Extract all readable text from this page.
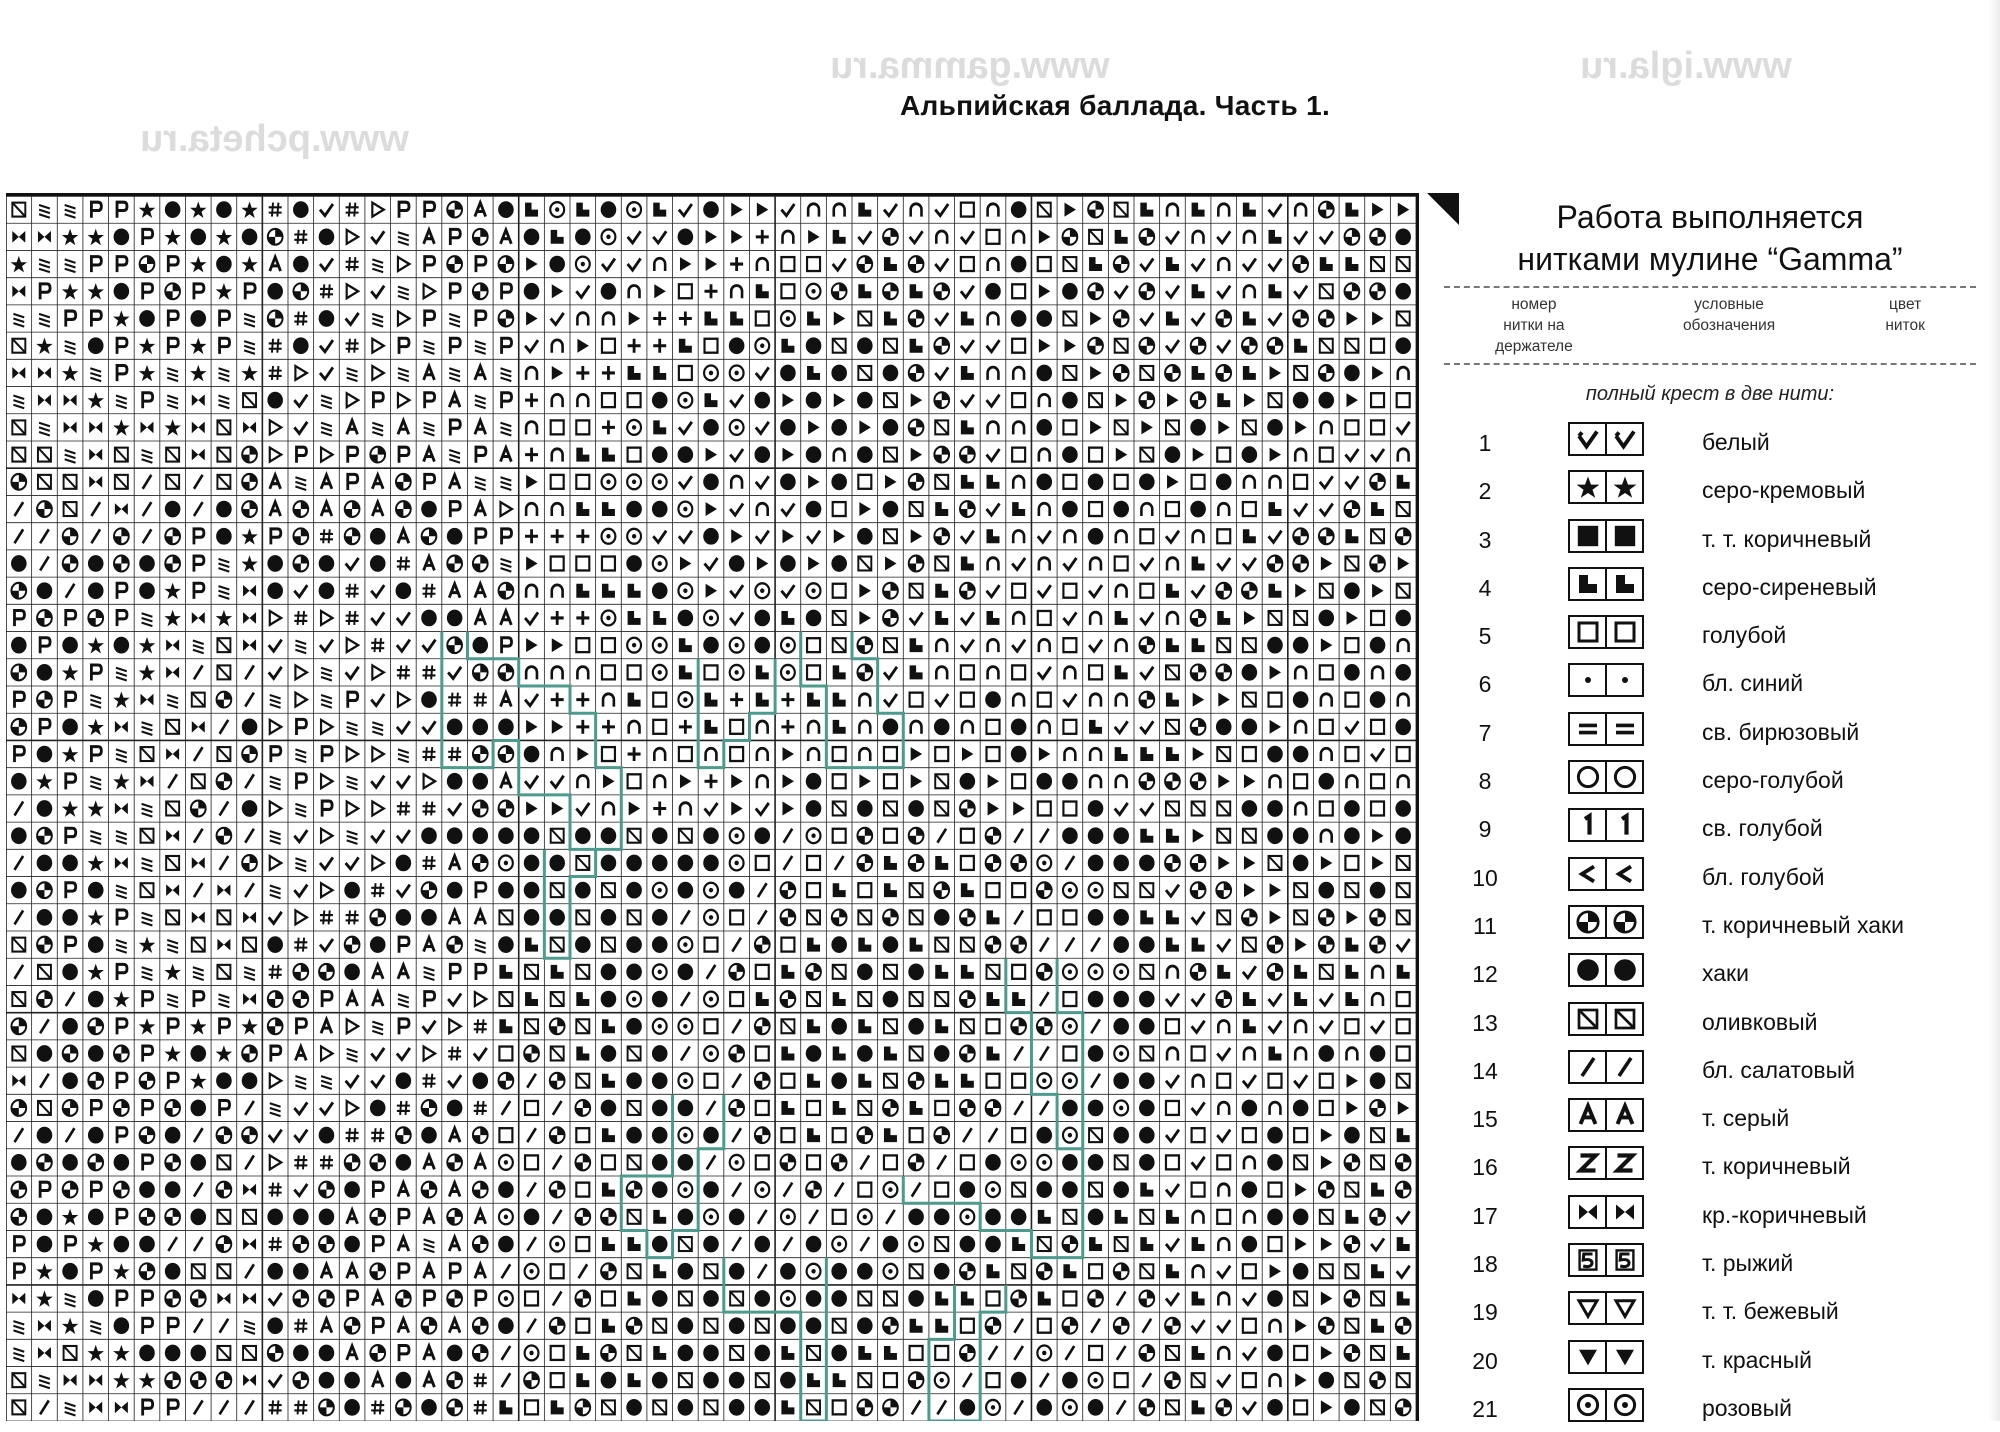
www.pcheta.ru
www.gamma.ru	www.igla.ru
Альпийская баллада. Часть 1.
Работа выполняется
нитками мулине “Gamma”
номер
нитки на
держателе
условные
обозначения
цвет
ниток
полный крест в две нити:
1	белый
2	серо-кремовый
3	т. т. коричневый
4	серо-сиреневый
5	голубой
6	бл. синий
7	св. бирюзовый
8	серо-голубой
9	св. голубой
10	бл. голубой
11	т. коричневый хаки
12	хаки
13	оливковый
14	бл. салатовый
15	т. серый
16	т. коричневый
17	кр.-коричневый
18	т. рыжий
19	т. т. бежевый
20	т. красный
21	розовый
